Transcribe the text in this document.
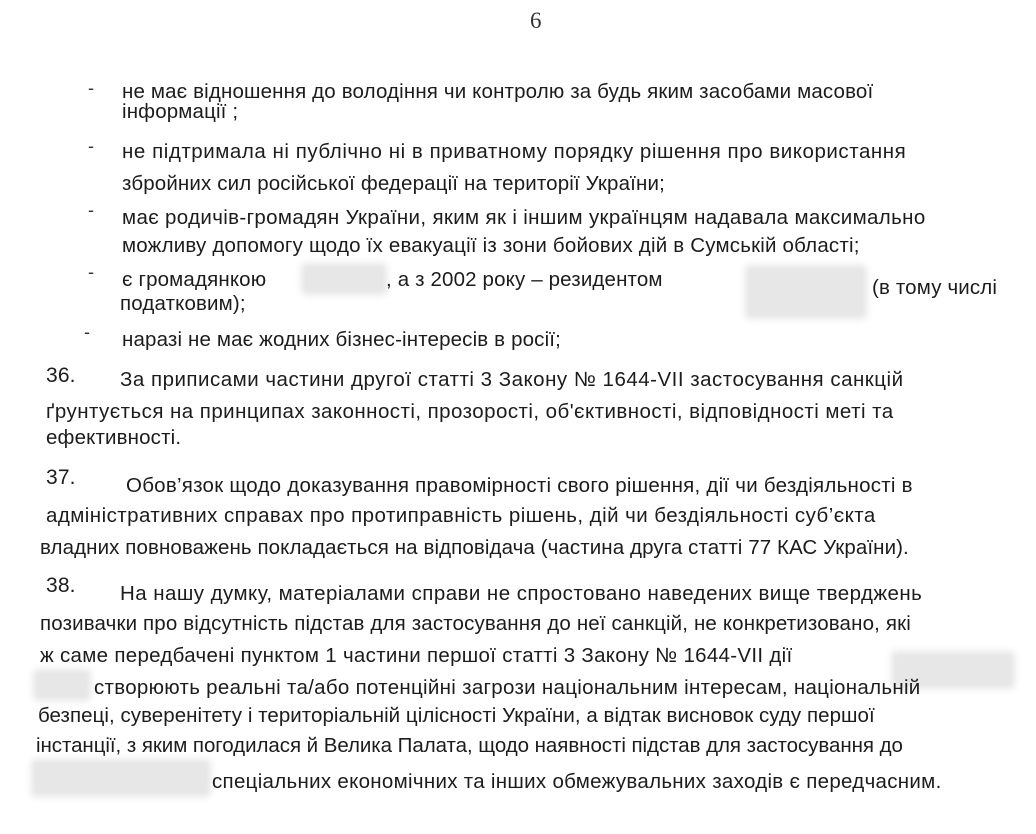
6
- не має відношення до володіння чи контролю за будь яким засобами масової
інформації ;
- не підтримала ні публічно ні в приватному порядку рішення про використання
збройних сил російської федерації на території України;
- має родичів-громадян України, яким як і іншим українцям надавала максимально
можливу допомогу щодо їх евакуації із зони бойових дій в Сумській області;
- є громадянкою	, а з 2002 року – резидентом	(в тому числі
податковим);
- наразі не має жодних бізнес-інтересів в росії;
36. За приписами частини другої статті 3 Закону № 1644-VII застосування санкцій
ґрунтується на принципах законності, прозорості, об'єктивності, відповідності меті та
ефективності.
37. Обов’язок щодо доказування правомірності свого рішення, дії чи бездіяльності в
адміністративних справах про протиправність рішень, дій чи бездіяльності суб’єкта
владних повноважень покладається на відповідача (частина друга статті 77 КАС України).
38. На нашу думку, матеріалами справи не спростовано наведених вище тверджень
позивачки про відсутність підстав для застосування до неї санкцій, не конкретизовано, які
ж саме передбачені пунктом 1 частини першої статті 3 Закону № 1644-VII дії
створюють реальні та/або потенційні загрози національним інтересам, національній
безпеці, суверенітету і територіальній цілісності України, а відтак висновок суду першої
інстанції, з яким погодилася й Велика Палата, щодо наявності підстав для застосування до
спеціальних економічних та інших обмежувальних заходів є передчасним.
